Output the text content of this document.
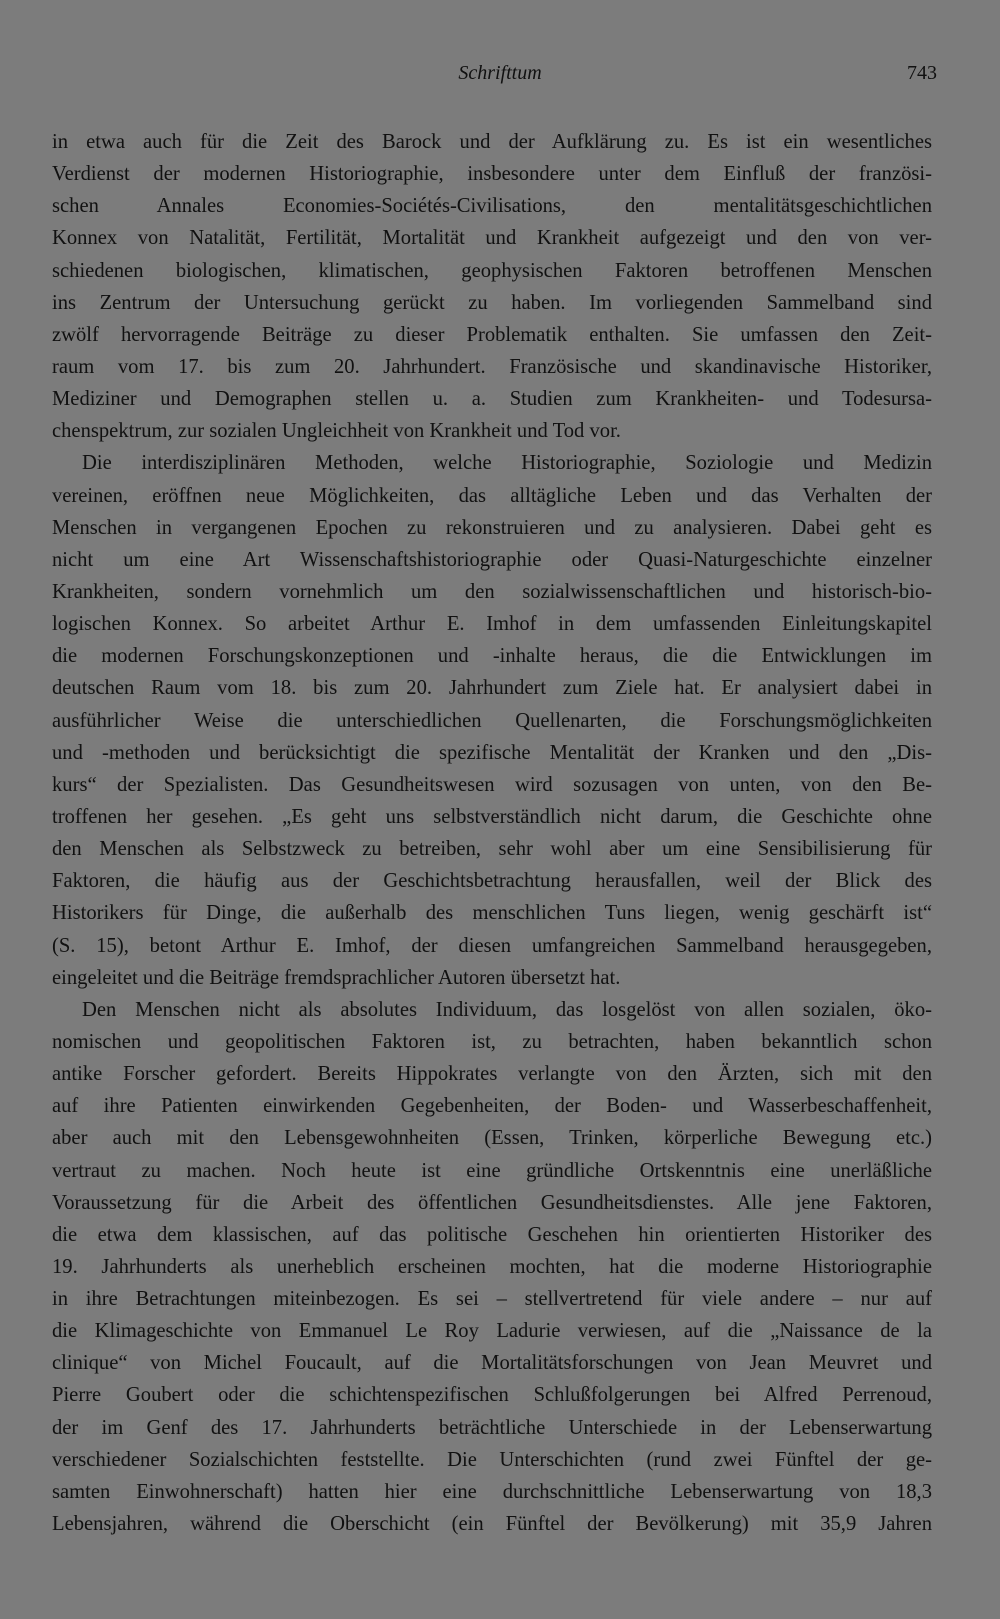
Schrifttum	743
in etwa auch für die Zeit des Barock und der Aufklärung zu. Es ist ein wesentliches
Verdienst der modernen Historiographie, insbesondere unter dem Einfluß der französi-
schen Annales Economies-Sociétés-Civilisations, den mentalitätsgeschichtlichen
Konnex von Natalität, Fertilität, Mortalität und Krankheit aufgezeigt und den von ver-
schiedenen biologischen, klimatischen, geophysischen Faktoren betroffenen Menschen
ins Zentrum der Untersuchung gerückt zu haben. Im vorliegenden Sammelband sind
zwölf hervorragende Beiträge zu dieser Problematik enthalten. Sie umfassen den Zeit-
raum vom 17. bis zum 20. Jahrhundert. Französische und skandinavische Historiker,
Mediziner und Demographen stellen u. a. Studien zum Krankheiten- und Todesursa-
chenspektrum, zur sozialen Ungleichheit von Krankheit und Tod vor.
Die interdisziplinären Methoden, welche Historiographie, Soziologie und Medizin
vereinen, eröffnen neue Möglichkeiten, das alltägliche Leben und das Verhalten der
Menschen in vergangenen Epochen zu rekonstruieren und zu analysieren. Dabei geht es
nicht um eine Art Wissenschaftshistoriographie oder Quasi-Naturgeschichte einzelner
Krankheiten, sondern vornehmlich um den sozialwissenschaftlichen und historisch-bio-
logischen Konnex. So arbeitet Arthur E. Imhof in dem umfassenden Einleitungskapitel
die modernen Forschungskonzeptionen und -inhalte heraus, die die Entwicklungen im
deutschen Raum vom 18. bis zum 20. Jahrhundert zum Ziele hat. Er analysiert dabei in
ausführlicher Weise die unterschiedlichen Quellenarten, die Forschungsmöglichkeiten
und -methoden und berücksichtigt die spezifische Mentalität der Kranken und den „Dis-
kurs“ der Spezialisten. Das Gesundheitswesen wird sozusagen von unten, von den Be-
troffenen her gesehen. „Es geht uns selbstverständlich nicht darum, die Geschichte ohne
den Menschen als Selbstzweck zu betreiben, sehr wohl aber um eine Sensibilisierung für
Faktoren, die häufig aus der Geschichtsbetrachtung herausfallen, weil der Blick des
Historikers für Dinge, die außerhalb des menschlichen Tuns liegen, wenig geschärft ist“
(S. 15), betont Arthur E. Imhof, der diesen umfangreichen Sammelband herausgegeben,
eingeleitet und die Beiträge fremdsprachlicher Autoren übersetzt hat.
Den Menschen nicht als absolutes Individuum, das losgelöst von allen sozialen, öko-
nomischen und geopolitischen Faktoren ist, zu betrachten, haben bekanntlich schon
antike Forscher gefordert. Bereits Hippokrates verlangte von den Ärzten, sich mit den
auf ihre Patienten einwirkenden Gegebenheiten, der Boden- und Wasserbeschaffenheit,
aber auch mit den Lebensgewohnheiten (Essen, Trinken, körperliche Bewegung etc.)
vertraut zu machen. Noch heute ist eine gründliche Ortskenntnis eine unerläßliche
Voraussetzung für die Arbeit des öffentlichen Gesundheitsdienstes. Alle jene Faktoren,
die etwa dem klassischen, auf das politische Geschehen hin orientierten Historiker des
19. Jahrhunderts als unerheblich erscheinen mochten, hat die moderne Historiographie
in ihre Betrachtungen miteinbezogen. Es sei – stellvertretend für viele andere – nur auf
die Klimageschichte von Emmanuel Le Roy Ladurie verwiesen, auf die „Naissance de la
clinique“ von Michel Foucault, auf die Mortalitätsforschungen von Jean Meuvret und
Pierre Goubert oder die schichtenspezifischen Schlußfolgerungen bei Alfred Perrenoud,
der im Genf des 17. Jahrhunderts beträchtliche Unterschiede in der Lebenserwartung
verschiedener Sozialschichten feststellte. Die Unterschichten (rund zwei Fünftel der ge-
samten Einwohnerschaft) hatten hier eine durchschnittliche Lebenserwartung von 18,3
Lebensjahren, während die Oberschicht (ein Fünftel der Bevölkerung) mit 35,9 Jahren
